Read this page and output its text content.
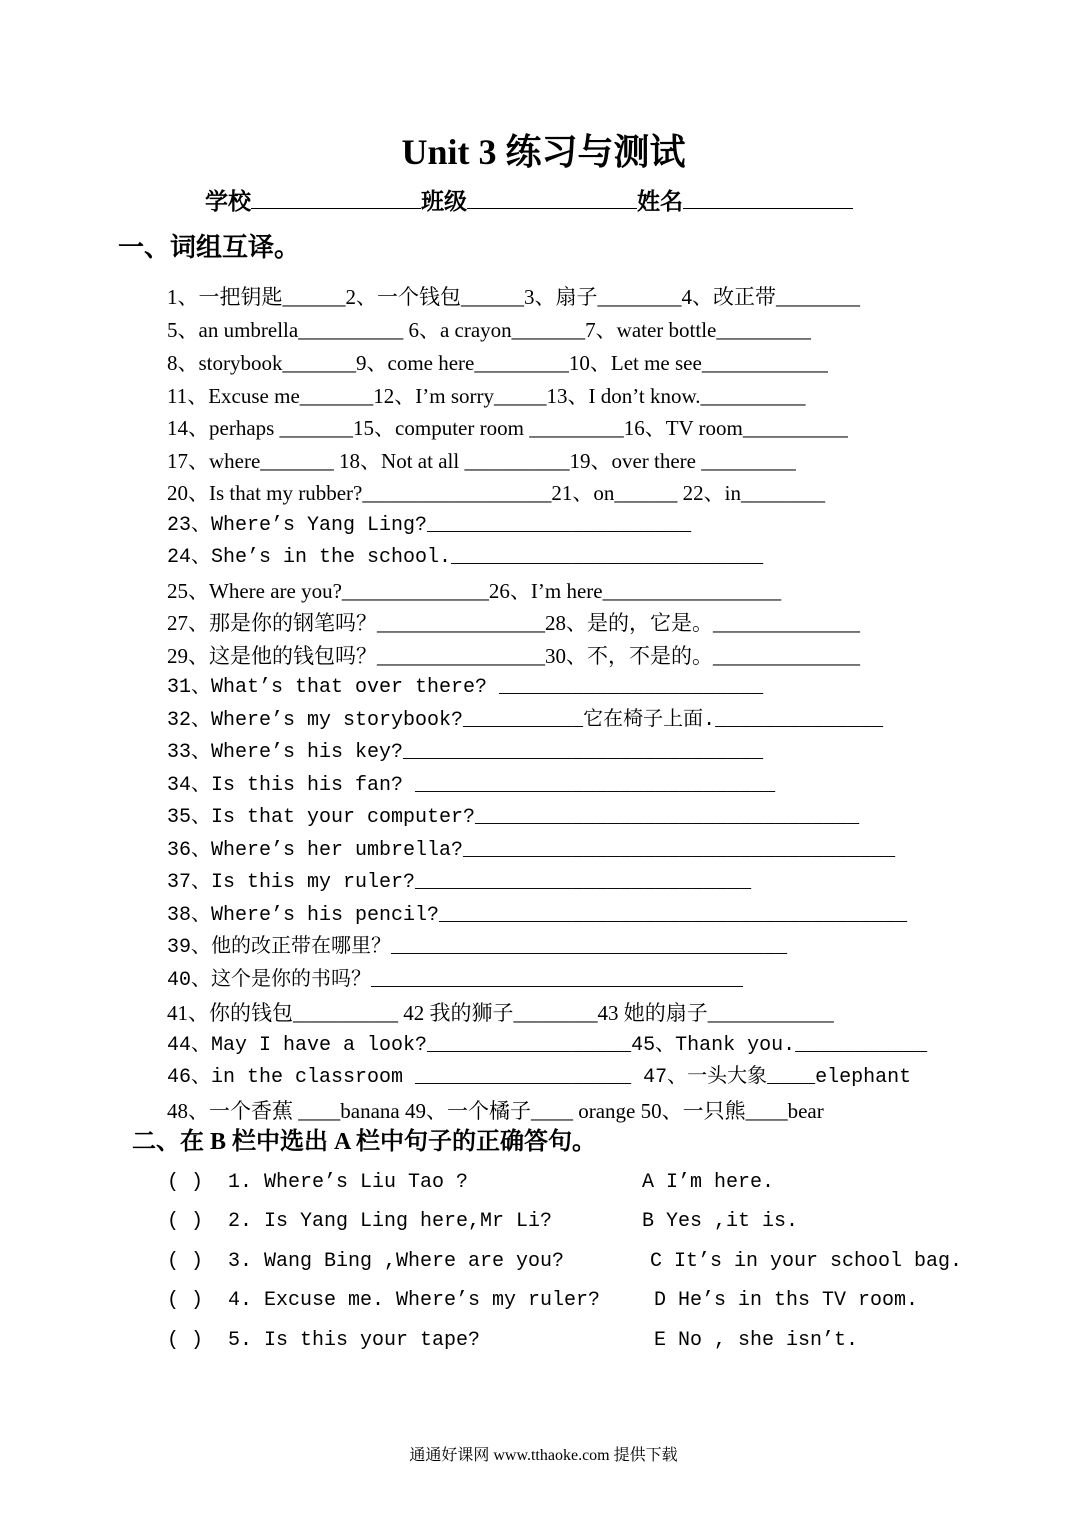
Unit 3 练习与测试
学校	班级	姓名
一、词组互译。
1、一把钥匙______2、一个钱包______3、扇子________4、改正带________
5、an umbrella__________ 6、a crayon_______7、water bottle_________
8、storybook_______9、come here_________10、Let me see____________
11、Excuse me_______12、I’m sorry_____13、I don’t know.__________
14、perhaps _______15、computer room _________16、TV room__________
17、where_______ 18、Not at all __________19、over there _________
20、Is that my rubber?__________________21、on______ 22、in________
23、Where’s Yang Ling?______________________
24、She’s in the school.__________________________
25、Where are you?______________26、I’m here_________________
27、那是你的钢笔吗？________________28、是的，它是。______________
29、这是他的钱包吗？________________30、不，不是的。______________
31、What’s that over there? ______________________
32、Where’s my storybook?__________它在椅子上面.______________
33、Where’s his key?______________________________
34、Is this his fan? ______________________________
35、Is that your computer?________________________________
36、Where’s her umbrella?____________________________________
37、Is this my ruler?____________________________
38、Where’s his pencil?_______________________________________
39、他的改正带在哪里？_________________________________
40、这个是你的书吗？_______________________________
41、你的钱包__________ 42 我的狮子________43 她的扇子____________
44、May I have a look?_________________45、Thank you.___________
46、in the classroom __________________ 47、一头大象____elephant
48、一个香蕉 ____banana 49、一个橘子____ orange 50、一只熊____bear
二、在 B 栏中选出 A 栏中句子的正确答句。
( ) 1. Where’s Liu Tao ?	A I’m here.
( ) 2. Is Yang Ling here,Mr Li?	B Yes ,it is.
( ) 3. Wang Bing ,Where are you?	C It’s in your school bag.
( ) 4. Excuse me. Where’s my ruler?	D He’s in ths TV room.
( ) 5. Is this your tape?	E No , she isn’t.
通通好课网 www.tthaoke.com 提供下载
